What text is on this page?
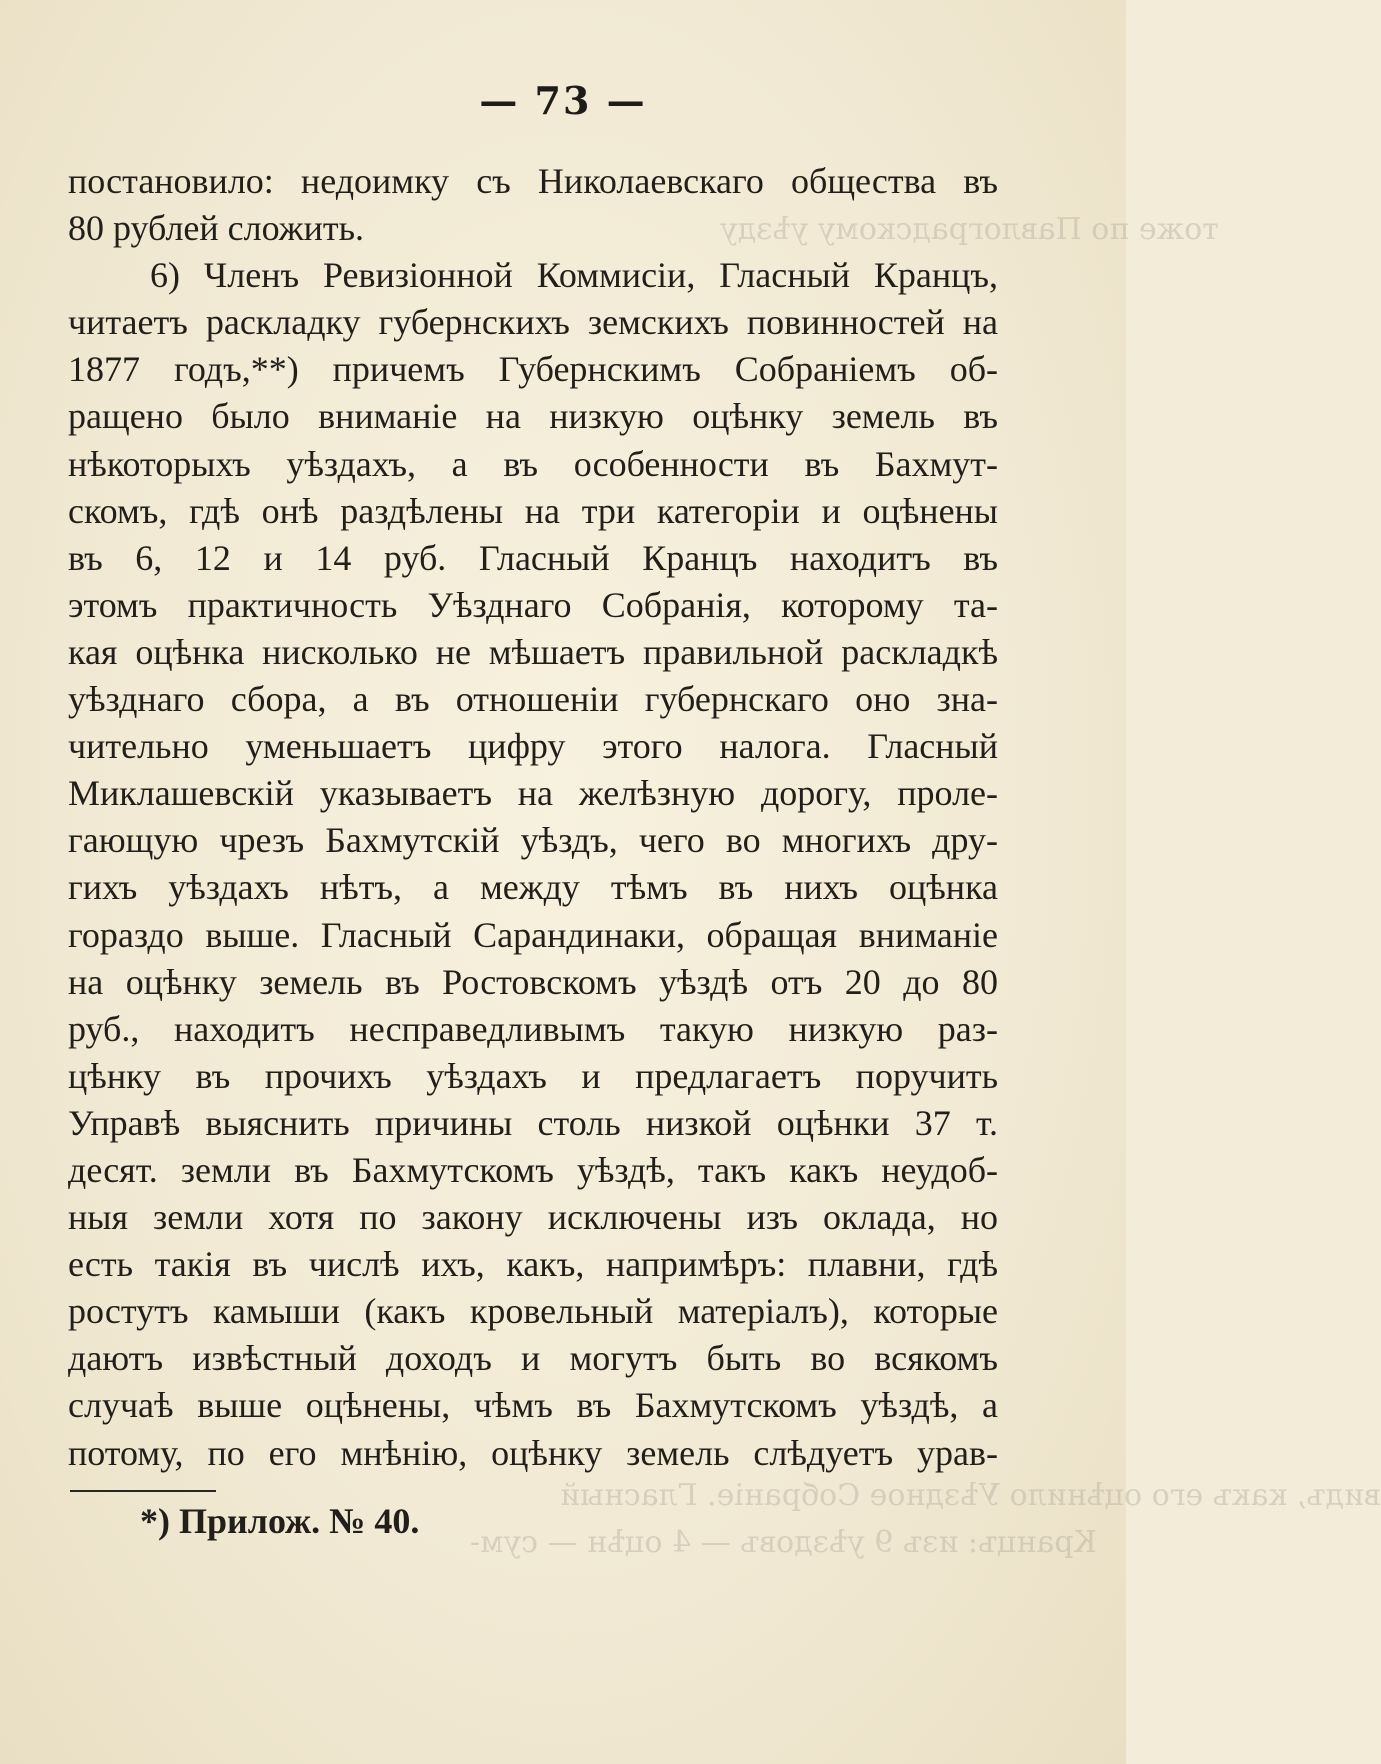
тоже по Павлоградскому уѣзду
видъ, какъ его оцѣнило Уѣздное Собраніе. Гласный
Кранцъ: изъ 9 уѣздовъ — 4 оцѣн — сум-
— 73 —
постановило: недоимку съ Николаевскаго общества въ
80 рублей сложить.
6) Членъ Ревизіонной Коммисіи, Гласный Кранцъ,
читаетъ раскладку губернскихъ земскихъ повинностей на
1877 годъ,**) причемъ Губернскимъ Собраніемъ об-
ращено было вниманіе на низкую оцѣнку земель въ
нѣкоторыхъ уѣздахъ, а въ особенности въ Бахмут-
скомъ, гдѣ онѣ раздѣлены на три категоріи и оцѣнены
въ 6, 12 и 14 руб. Гласный Кранцъ находитъ въ
этомъ практичность Уѣзднаго Собранія, которому та-
кая оцѣнка нисколько не мѣшаетъ правильной раскладкѣ
уѣзднаго сбора, а въ отношеніи губернскаго оно зна-
чительно уменьшаетъ цифру этого налога. Гласный
Миклашевскій указываетъ на желѣзную дорогу, проле-
гающую чрезъ Бахмутскій уѣздъ, чего во многихъ дру-
гихъ уѣздахъ нѣтъ, а между тѣмъ въ нихъ оцѣнка
гораздо выше. Гласный Сарандинаки, обращая вниманіе
на оцѣнку земель въ Ростовскомъ уѣздѣ отъ 20 до 80
руб., находитъ несправедливымъ такую низкую раз-
цѣнку въ прочихъ уѣздахъ и предлагаетъ поручить
Управѣ выяснить причины столь низкой оцѣнки 37 т.
десят. земли въ Бахмутскомъ уѣздѣ, такъ какъ неудоб-
ныя земли хотя по закону исключены изъ оклада, но
есть такія въ числѣ ихъ, какъ, напримѣръ: плавни, гдѣ
ростутъ камыши (какъ кровельный матеріалъ), которые
даютъ извѣстный доходъ и могутъ быть во всякомъ
случаѣ выше оцѣнены, чѣмъ въ Бахмутскомъ уѣздѣ, а
потому, по его мнѣнію, оцѣнку земель слѣдуетъ урав-
*) Прилож. № 40.
